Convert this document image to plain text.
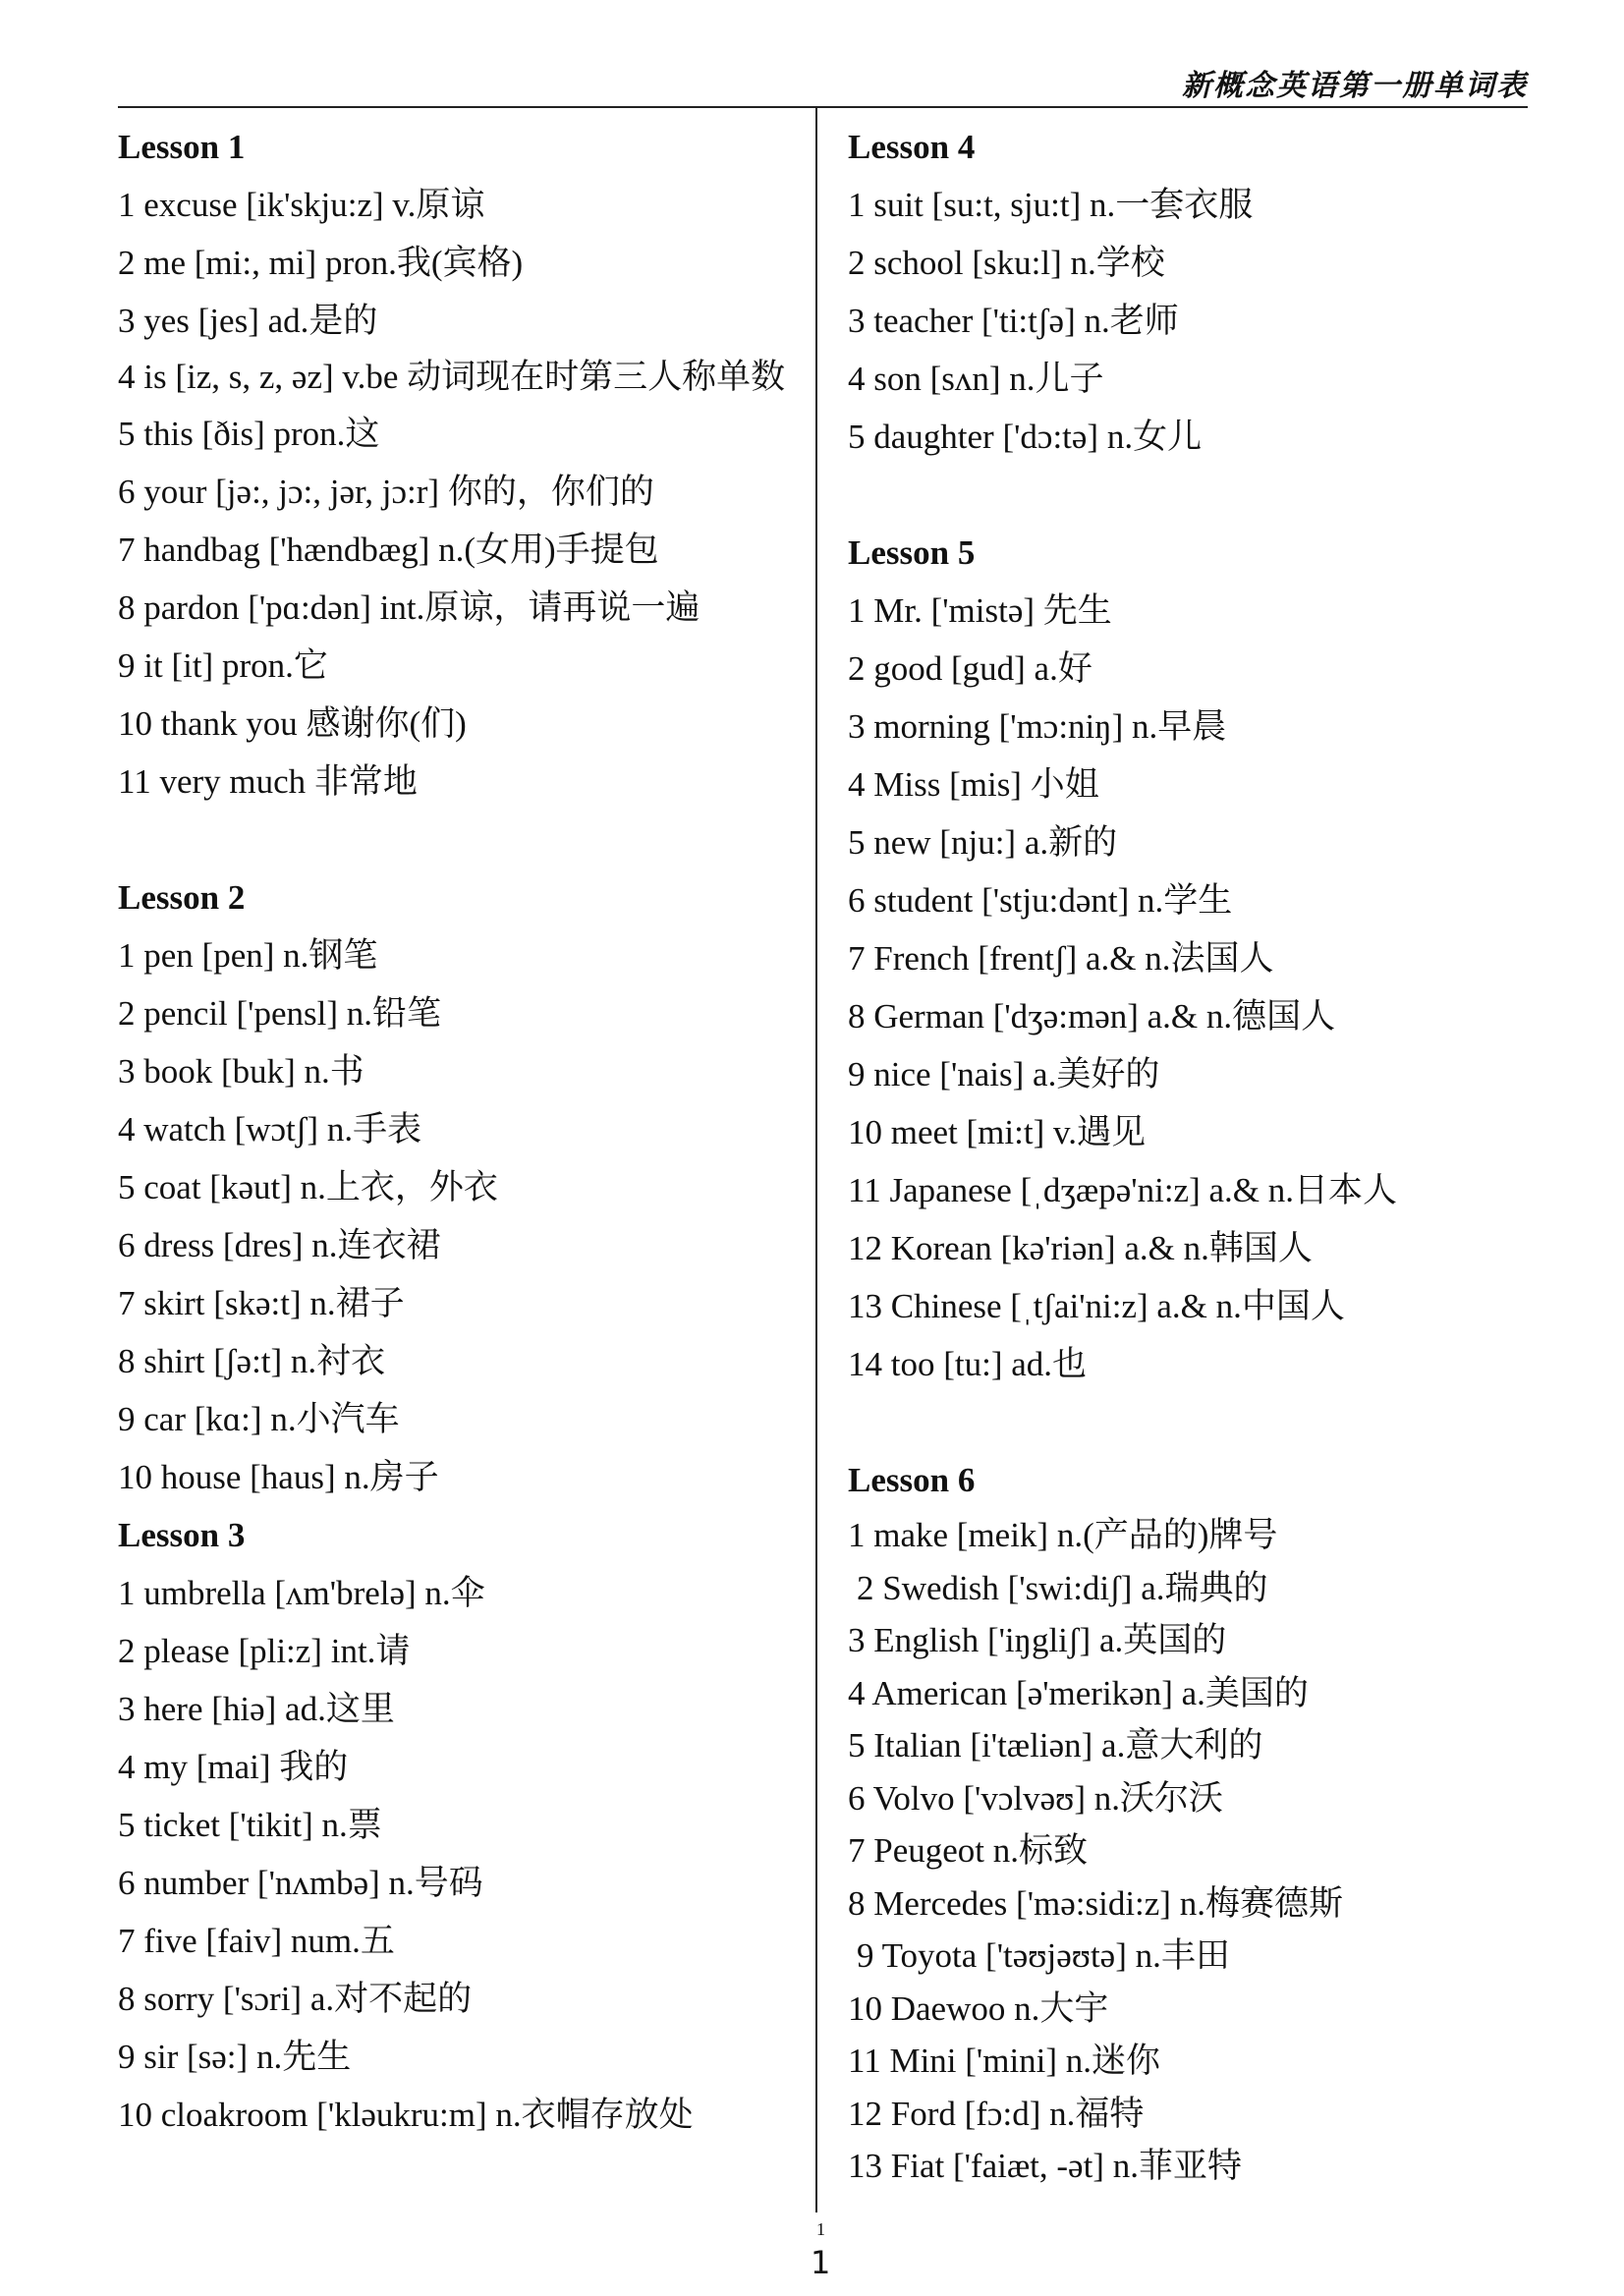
新概念英语第一册单词表
Lesson 1
1 excuse [ik'skju:z] v.原谅
2 me [mi:, mi] pron.我(宾格)
3 yes [jes] ad.是的
4 is [iz, s, z, əz] v.be 动词现在时第三人称单数
5 this [ðis] pron.这
6 your [jə:, jɔ:, jər, jɔ:r] 你的，你们的
7 handbag ['hændbæg] n.(女用)手提包
8 pardon ['pɑ:dən] int.原谅，请再说一遍
9 it [it] pron.它
10 thank you 感谢你(们)
11 very much 非常地
Lesson 2
1 pen [pen] n.钢笔
2 pencil ['pensl] n.铅笔
3 book [buk] n.书
4 watch [wɔtʃ] n.手表
5 coat [kəut] n.上衣，外衣
6 dress [dres] n.连衣裙
7 skirt [skə:t] n.裙子
8 shirt [ʃə:t] n.衬衣
9 car [kɑ:] n.小汽车
10 house [haus] n.房子
Lesson 3
1 umbrella [ʌm'brelə] n.伞
2 please [pli:z] int.请
3 here [hiə] ad.这里
4 my [mai] 我的
5 ticket ['tikit] n.票
6 number ['nʌmbə] n.号码
7 five [faiv] num.五
8 sorry ['sɔri] a.对不起的
9 sir [sə:] n.先生
10 cloakroom ['kləukru:m] n.衣帽存放处
Lesson 4
1 suit [su:t, sju:t] n.一套衣服
2 school [sku:l] n.学校
3 teacher ['ti:tʃə] n.老师
4 son [sʌn] n.儿子
5 daughter ['dɔ:tə] n.女儿
Lesson 5
1 Mr. ['mistə] 先生
2 good [gud] a.好
3 morning ['mɔ:niŋ] n.早晨
4 Miss [mis] 小姐
5 new [nju:] a.新的
6 student ['stju:dənt] n.学生
7 French [frentʃ] a.& n.法国人
8 German ['dʒə:mən] a.& n.德国人
9 nice ['nais] a.美好的
10 meet [mi:t] v.遇见
11 Japanese [ˌdʒæpə'ni:z] a.& n.日本人
12 Korean [kə'riən] a.& n.韩国人
13 Chinese [ˌtʃai'ni:z] a.& n.中国人
14 too [tu:] ad.也
Lesson 6
1 make [meik] n.(产品的)牌号
2 Swedish ['swi:diʃ] a.瑞典的
3 English ['iŋgliʃ] a.英国的
4 American [ə'merikən] a.美国的
5 Italian [i'tæliən] a.意大利的
6 Volvo ['vɔlvəʊ] n.沃尔沃
7 Peugeot n.标致
8 Mercedes ['mə:sidi:z] n.梅赛德斯
9 Toyota ['təʊjəʊtə] n.丰田
10 Daewoo n.大宇
11 Mini ['mini] n.迷你
12 Ford [fɔ:d] n.福特
13 Fiat ['faiæt, -ət] n.菲亚特

1

1
